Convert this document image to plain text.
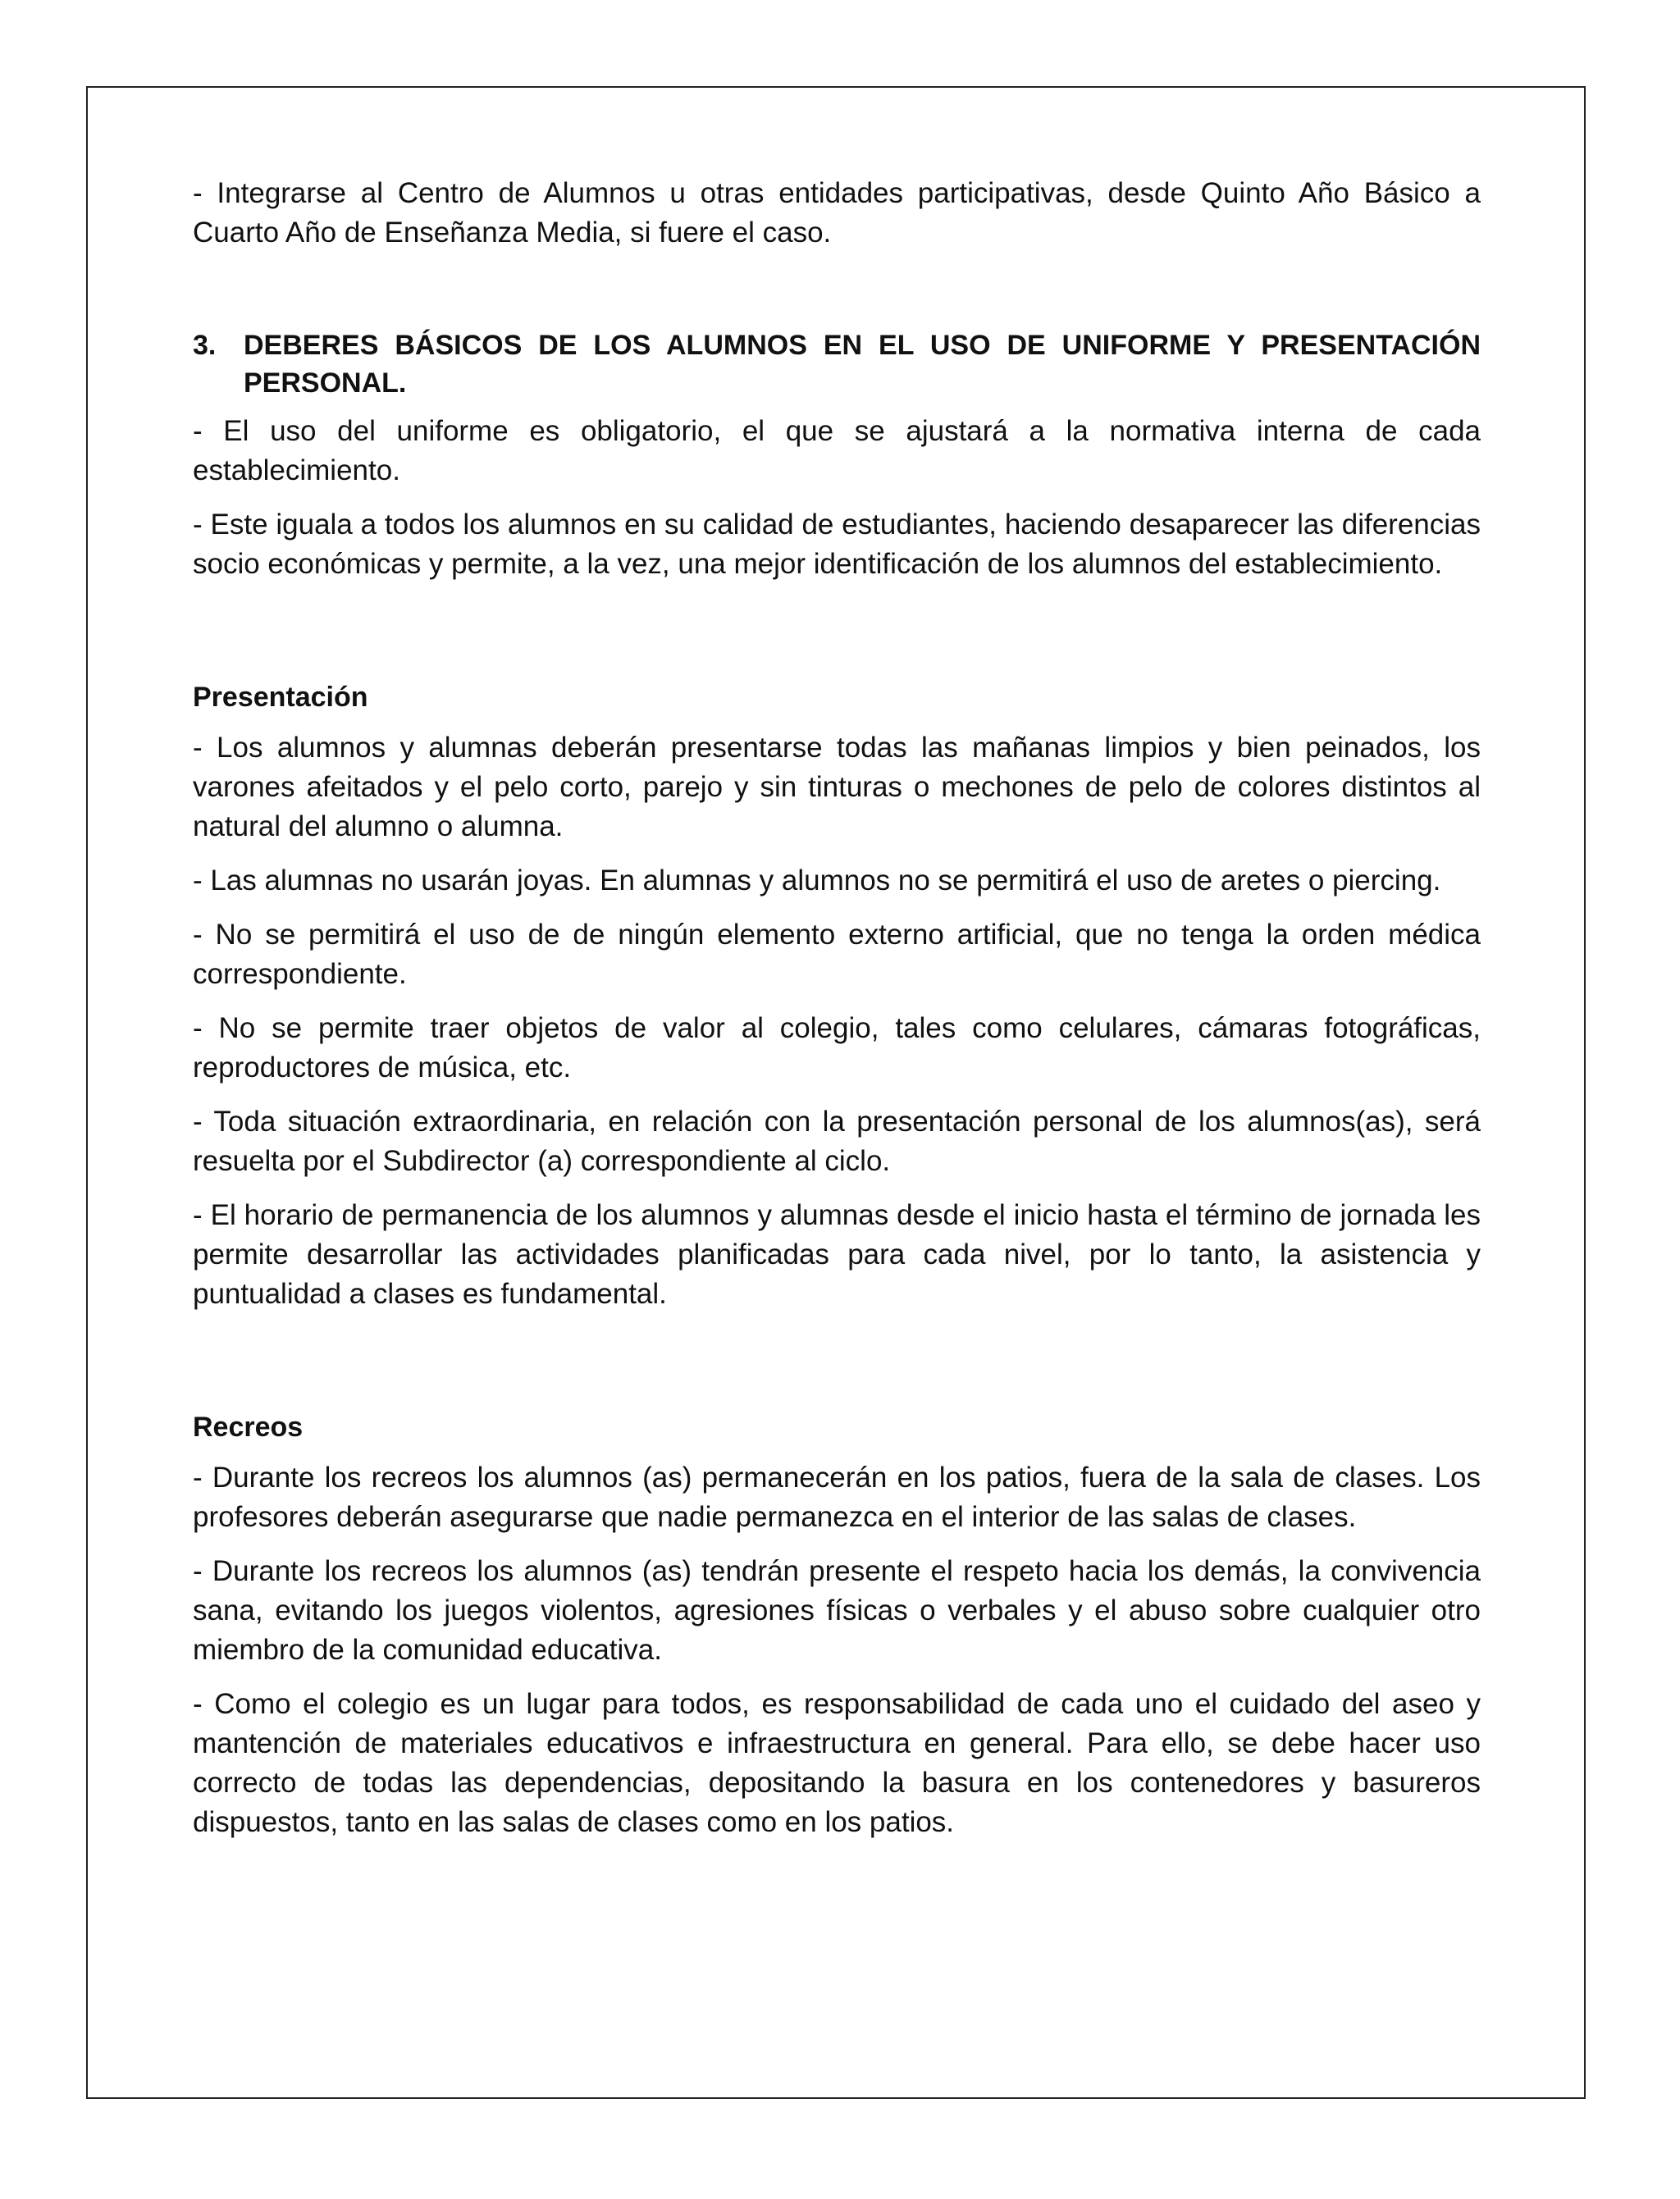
- Integrarse al Centro de Alumnos u otras entidades participativas, desde Quinto Año Básico a Cuarto Año de Enseñanza Media, si fuere el caso.

3. DEBERES BÁSICOS DE LOS ALUMNOS EN EL USO DE UNIFORME Y PRESENTACIÓN PERSONAL.

- El uso del uniforme es obligatorio, el que se ajustará a la normativa interna de cada establecimiento.

- Este iguala a todos los alumnos en su calidad de estudiantes, haciendo desaparecer las diferencias socio económicas y permite, a la vez, una mejor identificación de los alumnos del establecimiento.

Presentación

- Los alumnos y alumnas deberán presentarse todas las mañanas limpios y bien peinados, los varones afeitados y el pelo corto, parejo y sin tinturas o mechones de pelo de colores distintos al natural del alumno o alumna.

- Las alumnas no usarán joyas. En alumnas y alumnos no se permitirá el uso de aretes o piercing.

- No se permitirá el uso de de ningún elemento externo artificial, que no tenga la orden médica correspondiente.

- No se permite traer objetos de valor al colegio, tales como celulares, cámaras fotográficas, reproductores de música, etc.

- Toda situación extraordinaria, en relación con la presentación personal de los alumnos(as), será resuelta por el Subdirector (a) correspondiente al ciclo.

- El horario de permanencia de los alumnos y alumnas desde el inicio hasta el término de jornada les permite desarrollar las actividades planificadas para cada nivel, por lo tanto, la asistencia y puntualidad a clases es fundamental.

Recreos

- Durante los recreos los alumnos (as) permanecerán en los patios, fuera de la sala de clases. Los profesores deberán asegurarse que nadie permanezca en el interior de las salas de clases.

- Durante los recreos los alumnos (as) tendrán presente el respeto hacia los demás, la convivencia sana, evitando los juegos violentos, agresiones físicas o verbales y el abuso sobre cualquier otro miembro de la comunidad educativa.

- Como el colegio es un lugar para todos, es responsabilidad de cada uno el cuidado del aseo y mantención de materiales educativos e infraestructura en general. Para ello, se debe hacer uso correcto de todas las dependencias, depositando la basura en los contenedores y basureros dispuestos, tanto en las salas de clases como en los patios.
